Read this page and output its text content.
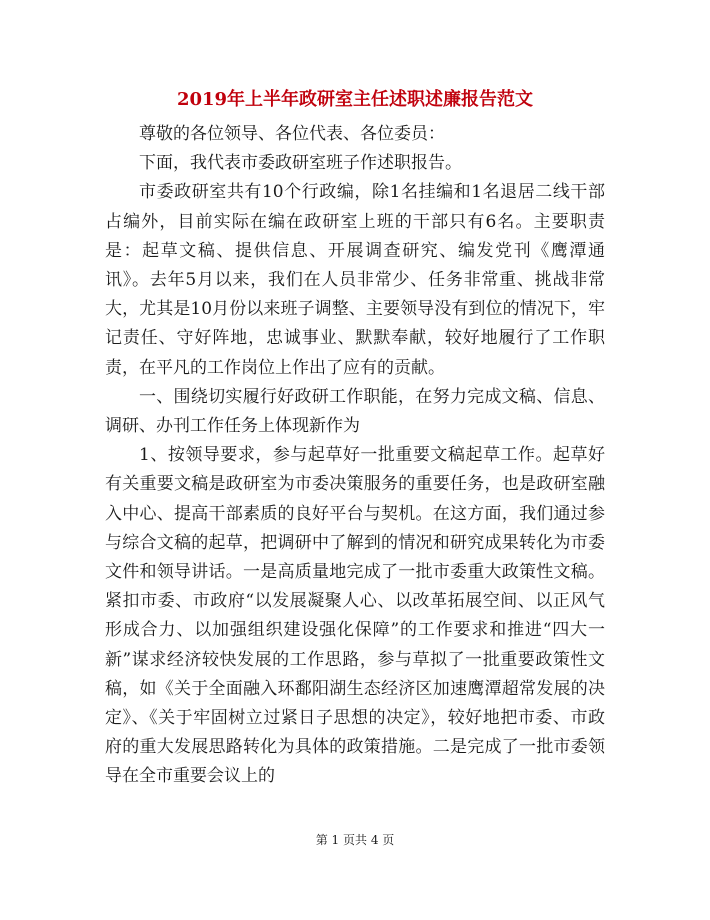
2019年上半年政研室主任述职述廉报告范文

尊敬的各位领导、各位代表、各位委员：

下面，我代表市委政研室班子作述职报告。

市委政研室共有10个行政编，除1名挂编和1名退居二线干部占编外，目前实际在编在政研室上班的干部只有6名。主要职责是：起草文稿、提供信息、开展调查研究、编发党刊《鹰潭通讯》。去年5月以来，我们在人员非常少、任务非常重、挑战非常大，尤其是10月份以来班子调整、主要领导没有到位的情况下，牢记责任、守好阵地，忠诚事业、默默奉献，较好地履行了工作职责，在平凡的工作岗位上作出了应有的贡献。

一、围绕切实履行好政研工作职能，在努力完成文稿、信息、调研、办刊工作任务上体现新作为

1、按领导要求，参与起草好一批重要文稿起草工作。起草好有关重要文稿是政研室为市委决策服务的重要任务，也是政研室融入中心、提高干部素质的良好平台与契机。在这方面，我们通过参与综合文稿的起草，把调研中了解到的情况和研究成果转化为市委文件和领导讲话。一是高质量地完成了一批市委重大政策性文稿。紧扣市委、市政府“以发展凝聚人心、以改革拓展空间、以正风气形成合力、以加强组织建设强化保障”的工作要求和推进“四大一新”谋求经济较快发展的工作思路，参与草拟了一批重要政策性文稿，如《关于全面融入环鄱阳湖生态经济区加速鹰潭超常发展的决定》、《关于牢固树立过紧日子思想的决定》，较好地把市委、市政府的重大发展思路转化为具体的政策措施。二是完成了一批市委领导在全市重要会议上的

第 1 页共 4 页
